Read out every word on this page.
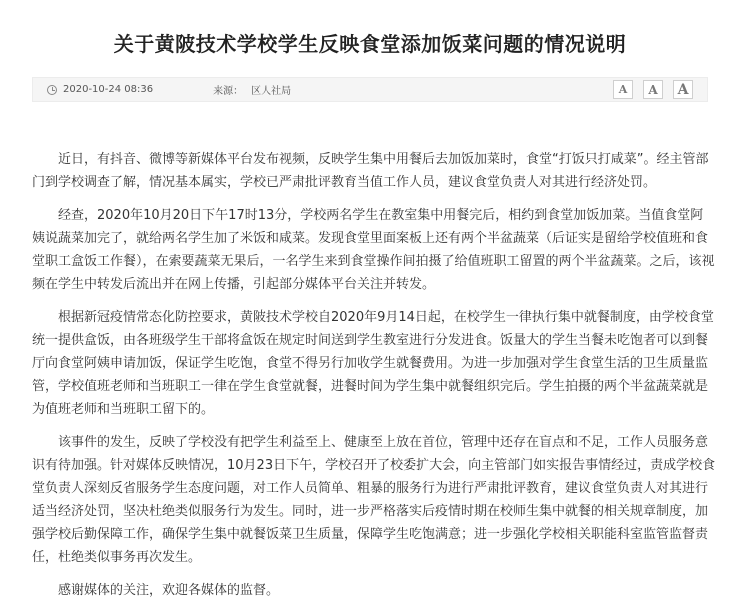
关于黄陂技术学校学生反映食堂添加饭菜问题的情况说明
2020-10-24 08:36	来源： 区人社局	A	A	A

近日，有抖音、微博等新媒体平台发布视频，反映学生集中用餐后去加饭加菜时，食堂“打饭只打咸菜”。经主管部门到学校调查了解，情况基本属实，学校已严肃批评教育当值工作人员，建议食堂负责人对其进行经济处罚。

经查，2020年10月20日下午17时13分，学校两名学生在教室集中用餐完后，相约到食堂加饭加菜。当值食堂阿姨说蔬菜加完了，就给两名学生加了米饭和咸菜。发现食堂里面案板上还有两个半盆蔬菜（后证实是留给学校值班和食堂职工盒饭工作餐），在索要蔬菜无果后，一名学生来到食堂操作间拍摄了给值班职工留置的两个半盆蔬菜。之后，该视频在学生中转发后流出并在网上传播，引起部分媒体平台关注并转发。

根据新冠疫情常态化防控要求，黄陂技术学校自2020年9月14日起，在校学生一律执行集中就餐制度，由学校食堂统一提供盒饭，由各班级学生干部将盒饭在规定时间送到学生教室进行分发进食。饭量大的学生当餐未吃饱者可以到餐厅向食堂阿姨申请加饭，保证学生吃饱，食堂不得另行加收学生就餐费用。为进一步加强对学生食堂生活的卫生质量监管，学校值班老师和当班职工一律在学生食堂就餐，进餐时间为学生集中就餐组织完后。学生拍摄的两个半盆蔬菜就是为值班老师和当班职工留下的。

该事件的发生，反映了学校没有把学生利益至上、健康至上放在首位，管理中还存在盲点和不足，工作人员服务意识有待加强。针对媒体反映情况，10月23日下午，学校召开了校委扩大会，向主管部门如实报告事情经过，责成学校食堂负责人深刻反省服务学生态度问题，对工作人员简单、粗暴的服务行为进行严肃批评教育，建议食堂负责人对其进行适当经济处罚，坚决杜绝类似服务行为发生。同时，进一步严格落实后疫情时期在校师生集中就餐的相关规章制度，加强学校后勤保障工作，确保学生集中就餐饭菜卫生质量，保障学生吃饱满意；进一步强化学校相关职能科室监管监督责任，杜绝类似事务再次发生。

感谢媒体的关注，欢迎各媒体的监督。
